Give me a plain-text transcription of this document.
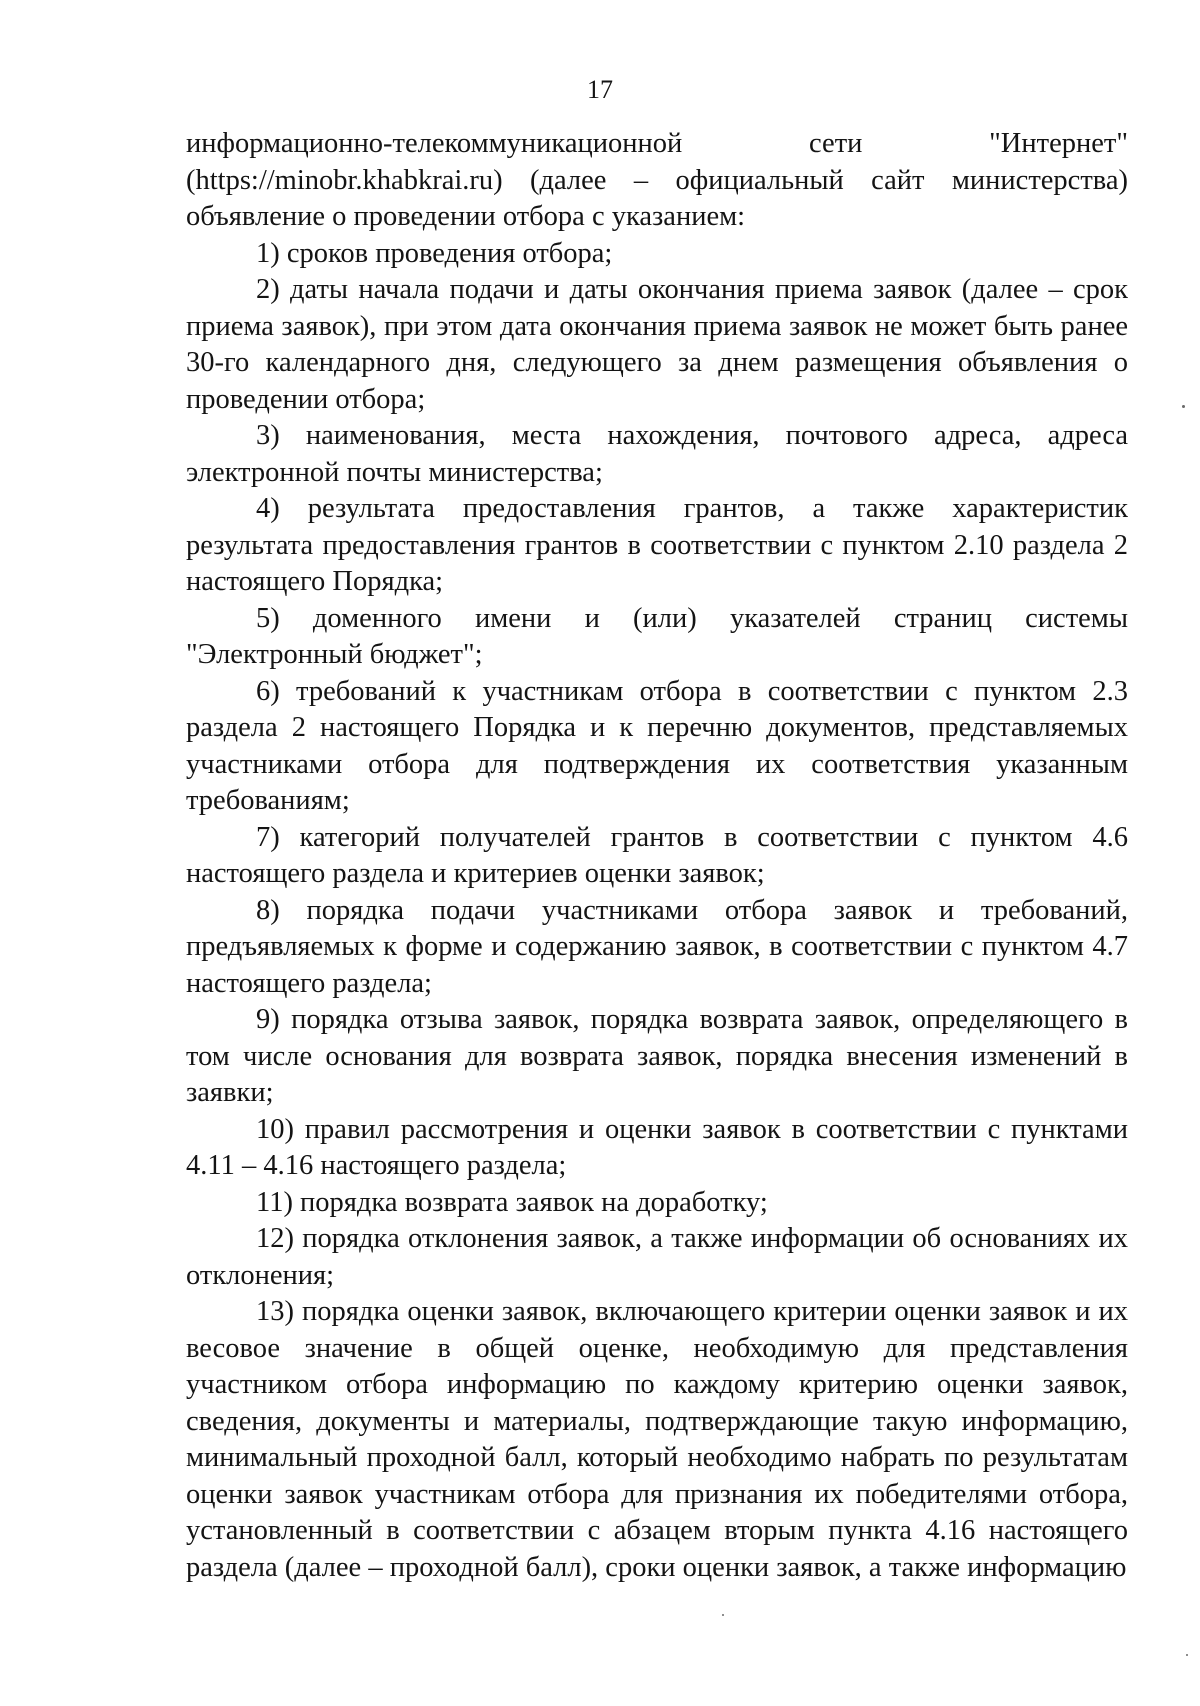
17

информационно-телекоммуникационной сети "Интернет" (https://minobr.khabkrai.ru) (далее – официальный сайт министерства) объявление о проведении отбора с указанием:

1) сроков проведения отбора;

2) даты начала подачи и даты окончания приема заявок (далее – срок приема заявок), при этом дата окончания приема заявок не может быть ранее 30-го календарного дня, следующего за днем размещения объявления о проведении отбора;

3) наименования, места нахождения, почтового адреса, адреса электронной почты министерства;

4) результата предоставления грантов, а также характеристик результата предоставления грантов в соответствии с пунктом 2.10 раздела 2 настоящего Порядка;

5) доменного имени и (или) указателей страниц системы "Электронный бюджет";

6) требований к участникам отбора в соответствии с пунктом 2.3 раздела 2 настоящего Порядка и к перечню документов, представляемых участниками отбора для подтверждения их соответствия указанным требованиям;

7) категорий получателей грантов в соответствии с пунктом 4.6 настоящего раздела и критериев оценки заявок;

8) порядка подачи участниками отбора заявок и требований, предъявляемых к форме и содержанию заявок, в соответствии с пунктом 4.7 настоящего раздела;

9) порядка отзыва заявок, порядка возврата заявок, определяющего в том числе основания для возврата заявок, порядка внесения изменений в заявки;

10) правил рассмотрения и оценки заявок в соответствии с пунктами 4.11 – 4.16 настоящего раздела;

11) порядка возврата заявок на доработку;

12) порядка отклонения заявок, а также информации об основаниях их отклонения;

13) порядка оценки заявок, включающего критерии оценки заявок и их весовое значение в общей оценке, необходимую для представления участником отбора информацию по каждому критерию оценки заявок, сведения, документы и материалы, подтверждающие такую информацию, минимальный проходной балл, который необходимо набрать по результатам оценки заявок участникам отбора для признания их победителями отбора, установленный в соответствии с абзацем вторым пункта 4.16 настоящего раздела (далее – проходной балл), сроки оценки заявок, а также информацию
